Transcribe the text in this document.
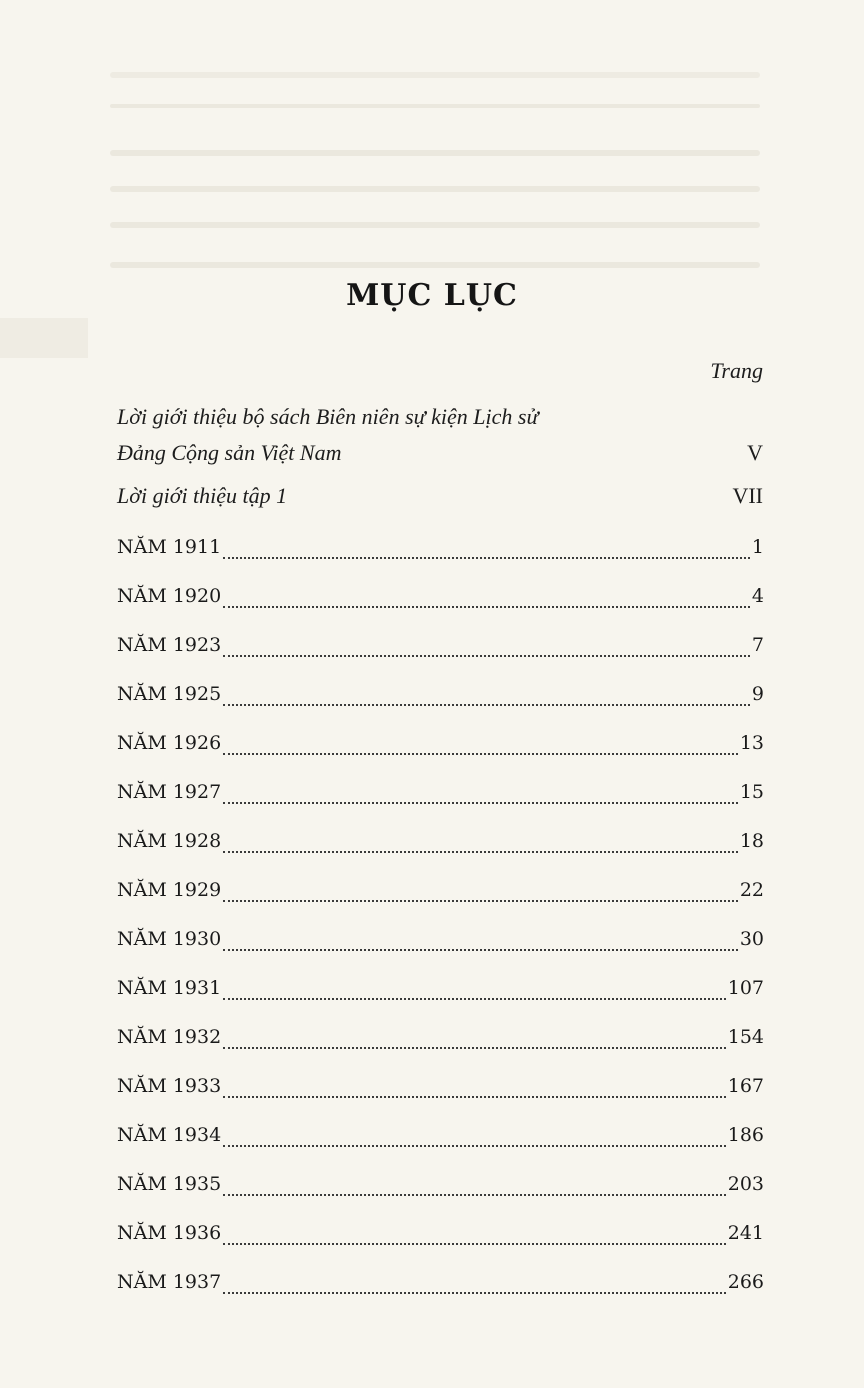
MỤC LỤC
Trang
Lời giới thiệu bộ sách Biên niên sự kiện Lịch sử
Đảng Cộng sản Việt Nam	V
Lời giới thiệu tập 1	VII
NĂM 1911	1
NĂM 1920	4
NĂM 1923	7
NĂM 1925	9
NĂM 1926	13
NĂM 1927	15
NĂM 1928	18
NĂM 1929	22
NĂM 1930	30
NĂM 1931	107
NĂM 1932	154
NĂM 1933	167
NĂM 1934	186
NĂM 1935	203
NĂM 1936	241
NĂM 1937	266
